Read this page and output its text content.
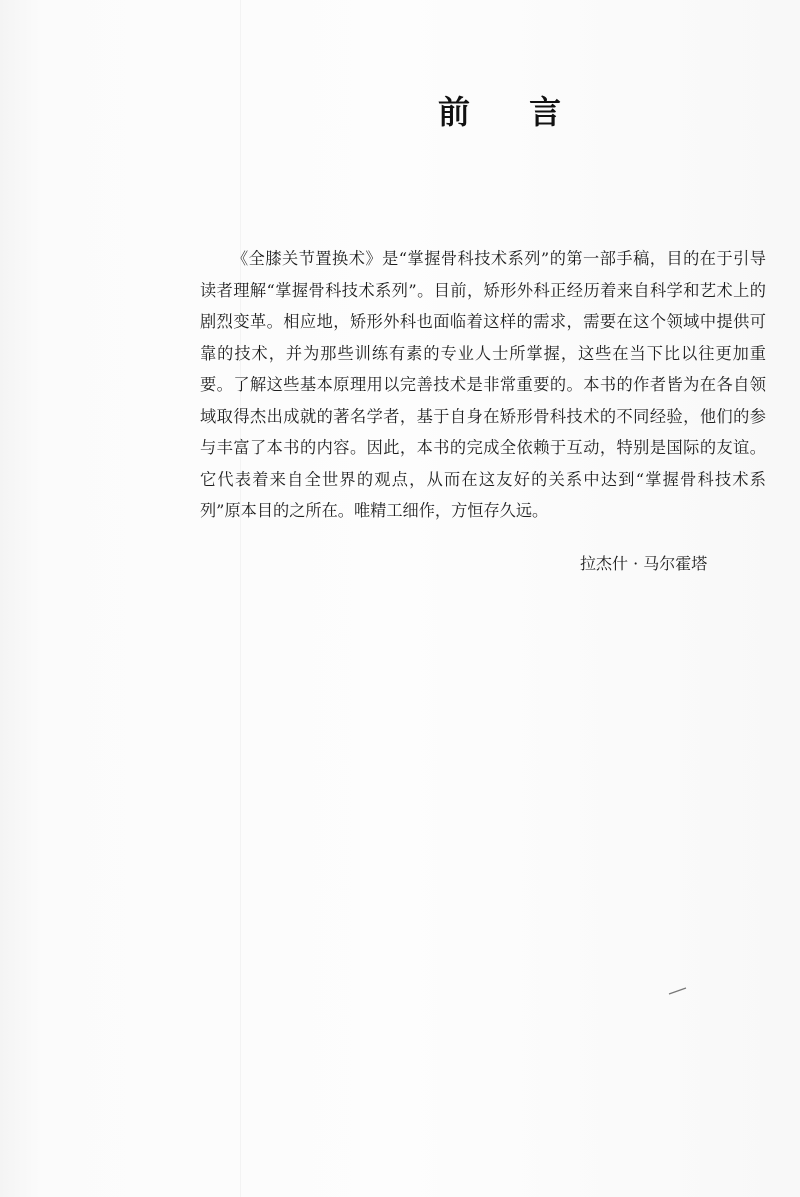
前 言

《全膝关节置换术》是“掌握骨科技术系列”的第一部手稿，目的在于引导读者理解“掌握骨科技术系列”。目前，矫形外科正经历着来自科学和艺术上的剧烈变革。相应地，矫形外科也面临着这样的需求，需要在这个领域中提供可靠的技术，并为那些训练有素的专业人士所掌握，这些在当下比以往更加重要。了解这些基本原理用以完善技术是非常重要的。本书的作者皆为在各自领域取得杰出成就的著名学者，基于自身在矫形骨科技术的不同经验，他们的参与丰富了本书的内容。因此，本书的完成全依赖于互动，特别是国际的友谊。它代表着来自全世界的观点，从而在这友好的关系中达到“掌握骨科技术系列”原本目的之所在。唯精工细作，方恒存久远。

拉杰什 · 马尔霍塔
